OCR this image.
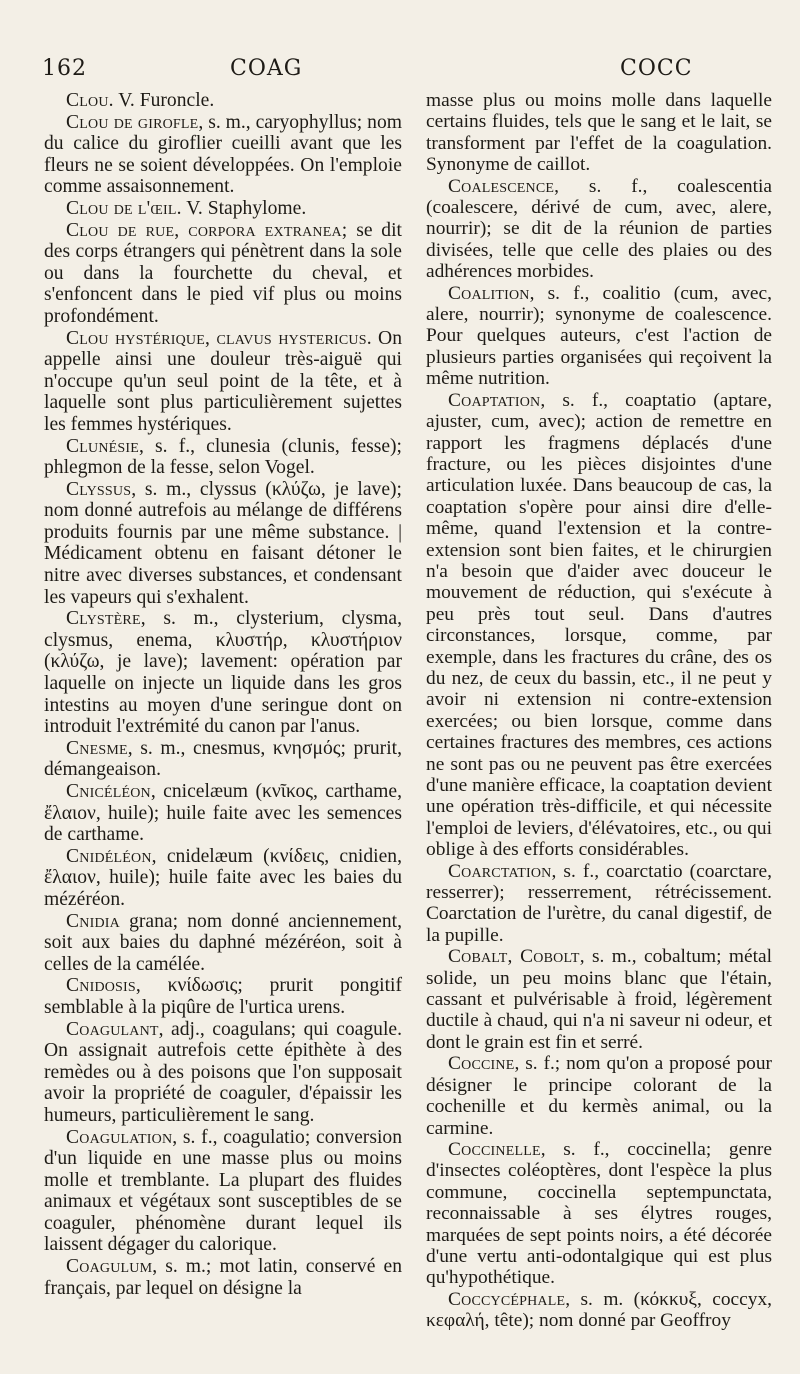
162	COAG	COCC

Clou. V. Furoncle.

Clou de girofle, s. m., caryophyllus; nom du calice du giroflier cueilli avant que les fleurs ne se soient développées. On l'emploie comme assaisonnement.

Clou de l'œil. V. Staphylome.

Clou de rue, corpora extranea; se dit des corps étrangers qui pénètrent dans la sole ou dans la fourchette du cheval, et s'enfoncent dans le pied vif plus ou moins profondément.

Clou hystérique, clavus hystericus. On appelle ainsi une douleur très-aiguë qui n'occupe qu'un seul point de la tête, et à laquelle sont plus particulièrement sujettes les femmes hystériques.

Clunésie, s. f., clunesia (clunis, fesse); phlegmon de la fesse, selon Vogel.

Clyssus, s. m., clyssus (κλύζω, je lave); nom donné autrefois au mélange de différens produits fournis par une même substance. | Médicament obtenu en faisant détoner le nitre avec diverses substances, et condensant les vapeurs qui s'exhalent.

Clystère, s. m., clysterium, clysma, clysmus, enema, κλυστήρ, κλυστήριον (κλύζω, je lave); lavement: opération par laquelle on injecte un liquide dans les gros intestins au moyen d'une seringue dont on introduit l'extrémité du canon par l'anus.

Cnesme, s. m., cnesmus, κνησμός; prurit, démangeaison.

Cnicéléon, cnicelæum (κνῖκος, carthame, ἔλαιον, huile); huile faite avec les semences de carthame.

Cnidéléon, cnidelæum (κνίδεις, cnidien, ἔλαιον, huile); huile faite avec les baies du mézéréon.

Cnidia grana; nom donné anciennement, soit aux baies du daphné mézéréon, soit à celles de la camélée.

Cnidosis, κνίδωσις; prurit pongitif semblable à la piqûre de l'urtica urens.

Coagulant, adj., coagulans; qui coagule. On assignait autrefois cette épithète à des remèdes ou à des poisons que l'on supposait avoir la propriété de coaguler, d'épaissir les humeurs, particulièrement le sang.

Coagulation, s. f., coagulatio; conversion d'un liquide en une masse plus ou moins molle et tremblante. La plupart des fluides animaux et végétaux sont susceptibles de se coaguler, phénomène durant lequel ils laissent dégager du calorique.

Coagulum, s. m.; mot latin, conservé en français, par lequel on désigne la

masse plus ou moins molle dans laquelle certains fluides, tels que le sang et le lait, se transforment par l'effet de la coagulation. Synonyme de caillot.

Coalescence, s. f., coalescentia (coalescere, dérivé de cum, avec, alere, nourrir); se dit de la réunion de parties divisées, telle que celle des plaies ou des adhérences morbides.

Coalition, s. f., coalitio (cum, avec, alere, nourrir); synonyme de coalescence. Pour quelques auteurs, c'est l'action de plusieurs parties organisées qui reçoivent la même nutrition.

Coaptation, s. f., coaptatio (aptare, ajuster, cum, avec); action de remettre en rapport les fragmens déplacés d'une fracture, ou les pièces disjointes d'une articulation luxée. Dans beaucoup de cas, la coaptation s'opère pour ainsi dire d'elle-même, quand l'extension et la contre-extension sont bien faites, et le chirurgien n'a besoin que d'aider avec douceur le mouvement de réduction, qui s'exécute à peu près tout seul. Dans d'autres circonstances, lorsque, comme, par exemple, dans les fractures du crâne, des os du nez, de ceux du bassin, etc., il ne peut y avoir ni extension ni contre-extension exercées; ou bien lorsque, comme dans certaines fractures des membres, ces actions ne sont pas ou ne peuvent pas être exercées d'une manière efficace, la coaptation devient une opération très-difficile, et qui nécessite l'emploi de leviers, d'élévatoires, etc., ou qui oblige à des efforts considérables.

Coarctation, s. f., coarctatio (coarctare, resserrer); resserrement, rétrécissement. Coarctation de l'urètre, du canal digestif, de la pupille.

Cobalt, Cobolt, s. m., cobaltum; métal solide, un peu moins blanc que l'étain, cassant et pulvérisable à froid, légèrement ductile à chaud, qui n'a ni saveur ni odeur, et dont le grain est fin et serré.

Coccine, s. f.; nom qu'on a proposé pour désigner le principe colorant de la cochenille et du kermès animal, ou la carmine.

Coccinelle, s. f., coccinella; genre d'insectes coléoptères, dont l'espèce la plus commune, coccinella septempunctata, reconnaissable à ses élytres rouges, marquées de sept points noirs, a été décorée d'une vertu anti-odontalgique qui est plus qu'hypothétique.

Coccycéphale, s. m. (κόκκυξ, coccyx, κεφαλή, tête); nom donné par Geoffroy
